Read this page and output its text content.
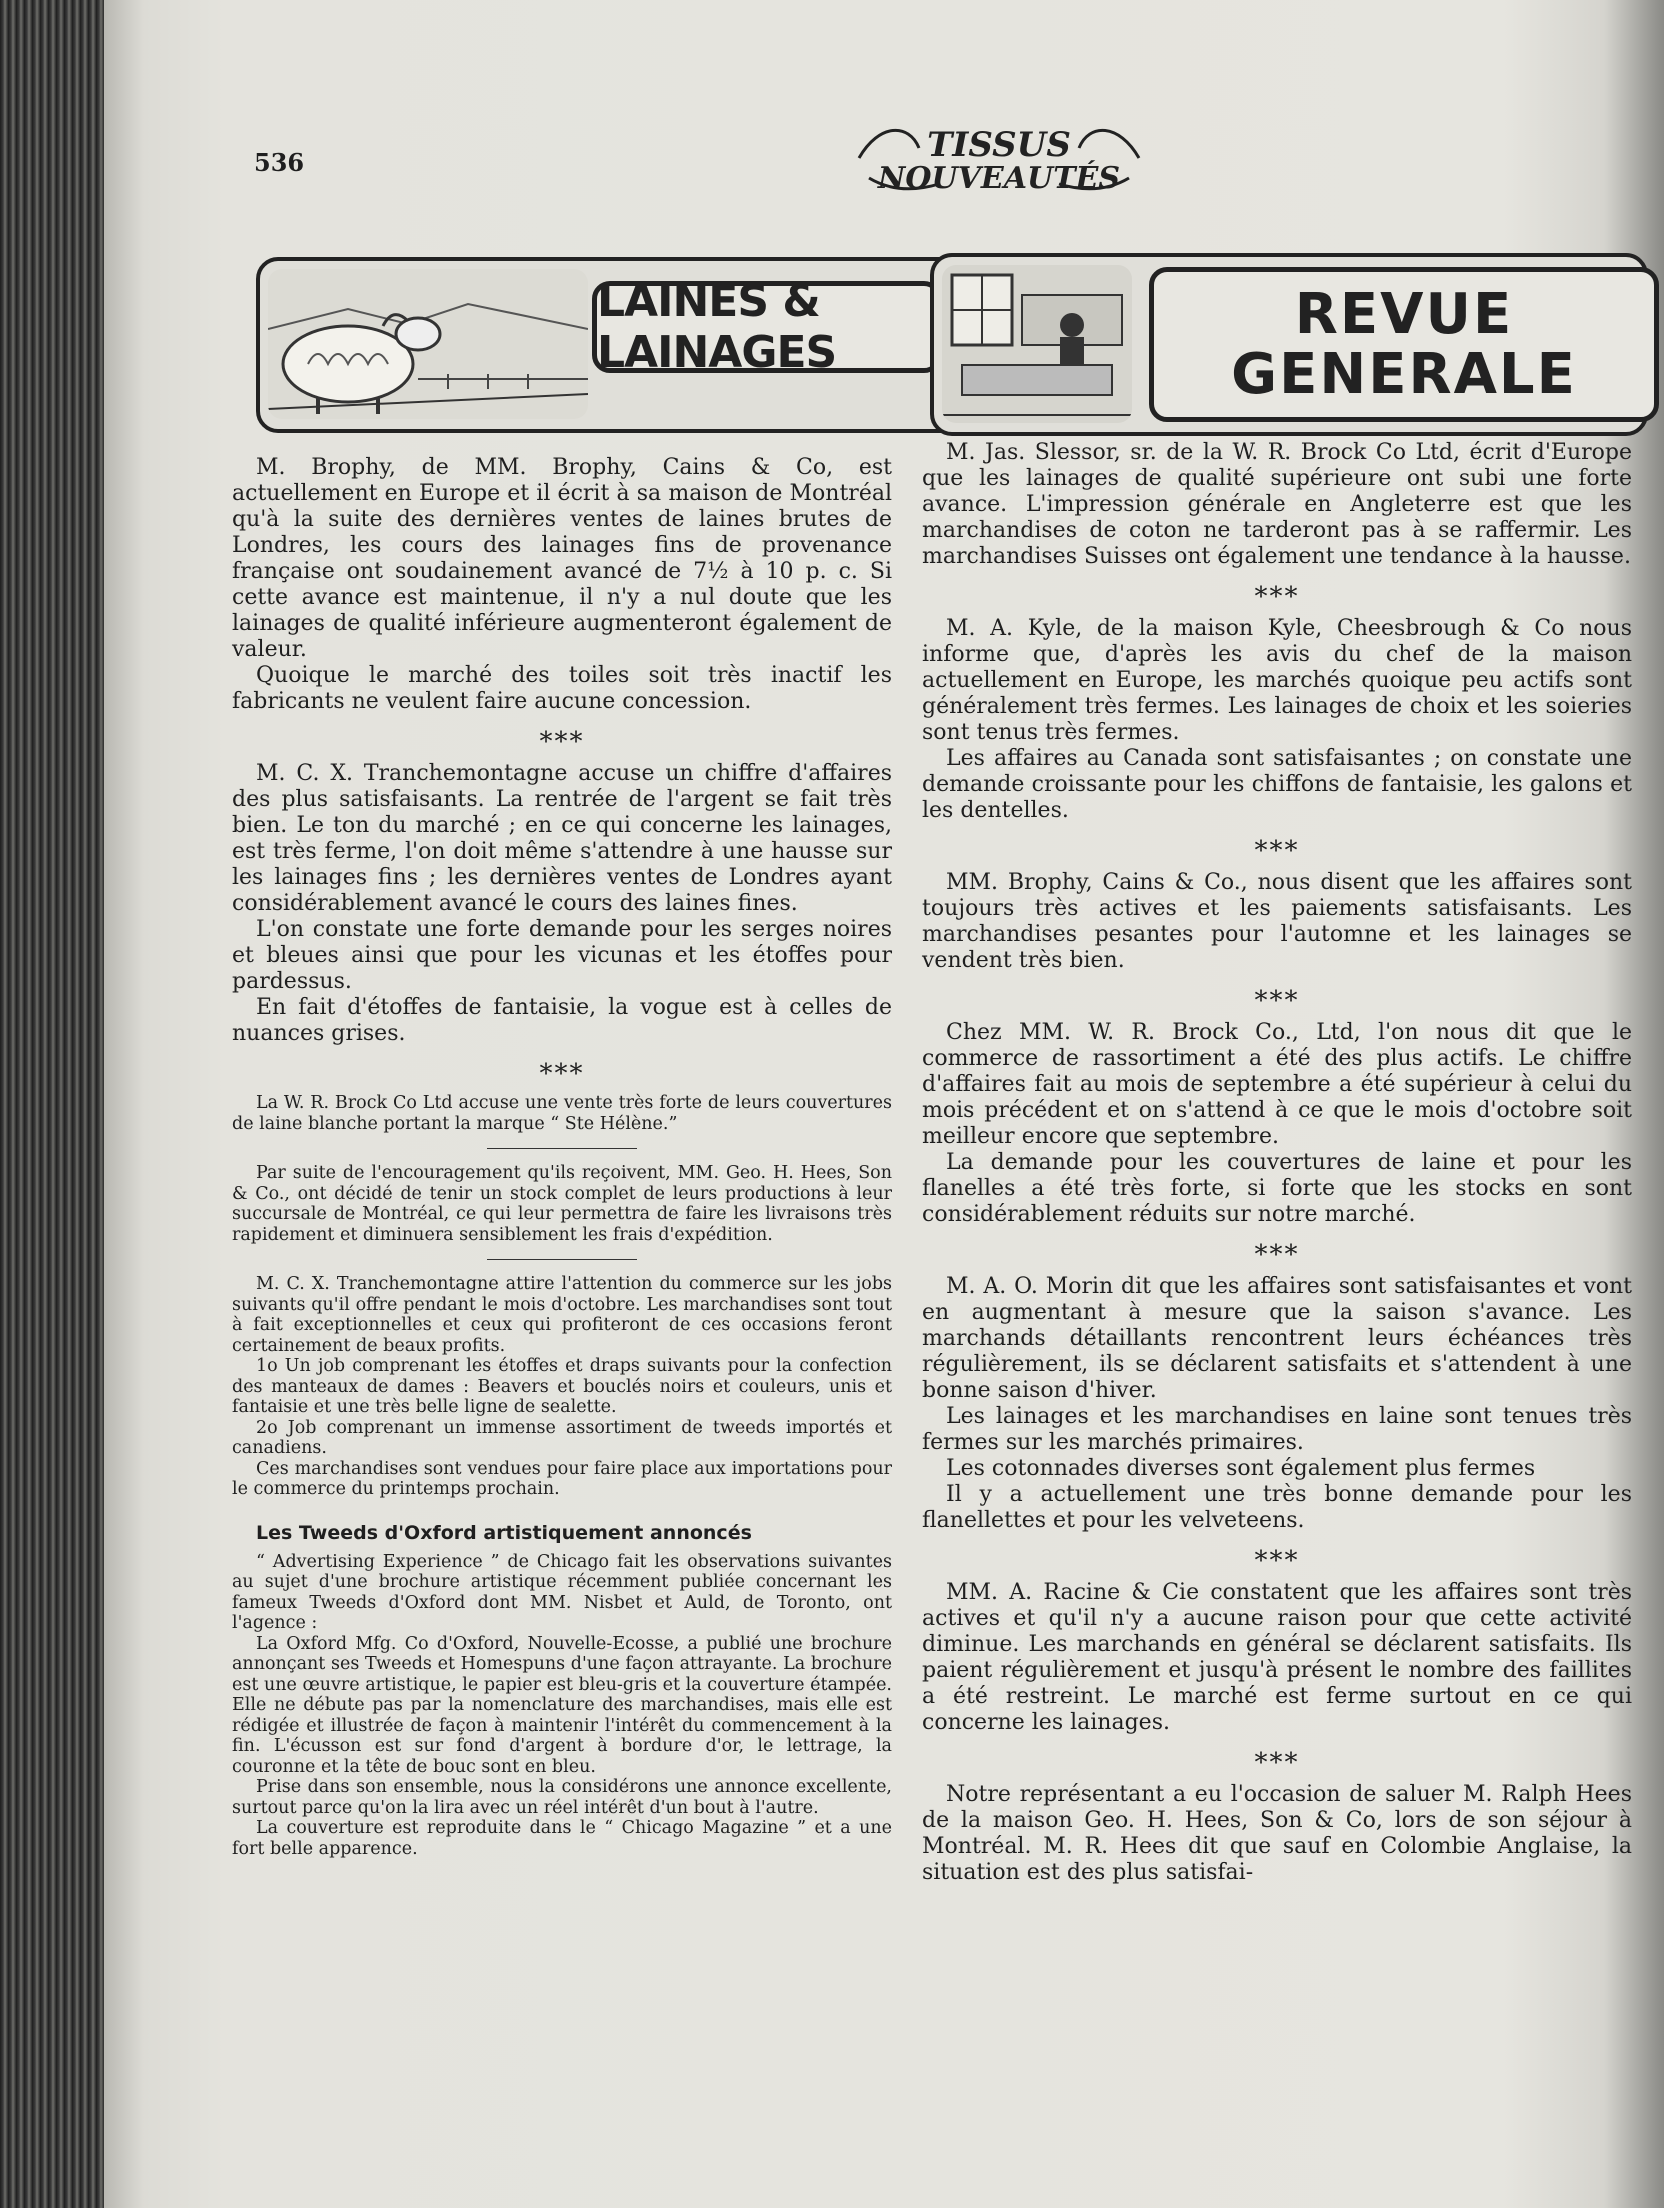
536	TISSUS
NOUVEAUTÉS
LAINES & LAINAGES
REVUE
GENERALE

M. Brophy, de MM. Brophy, Cains & Co, est actuellement en Europe et il écrit à sa maison de Montréal qu'à la suite des dernières ventes de laines brutes de Londres, les cours des lainages fins de provenance française ont soudainement avancé de 7½ à 10 p. c. Si cette avance est maintenue, il n'y a nul doute que les lainages de qualité inférieure augmenteront également de valeur.

Quoique le marché des toiles soit très inactif les fabricants ne veulent faire aucune concession.

*⁢*⁢*

M. C. X. Tranchemontagne accuse un chiffre d'affaires des plus satisfaisants. La rentrée de l'argent se fait très bien. Le ton du marché ; en ce qui concerne les lainages, est très ferme, l'on doit même s'attendre à une hausse sur les lainages fins ; les dernières ventes de Londres ayant considérablement avancé le cours des laines fines.

L'on constate une forte demande pour les serges noires et bleues ainsi que pour les vicunas et les étoffes pour pardessus.

En fait d'étoffes de fantaisie, la vogue est à celles de nuances grises.

*⁢*⁢*

La W. R. Brock Co Ltd accuse une vente très forte de leurs couvertures de laine blanche portant la marque “ Ste Hélène.”

Par suite de l'encouragement qu'ils reçoivent, MM. Geo. H. Hees, Son & Co., ont décidé de tenir un stock complet de leurs productions à leur succursale de Montréal, ce qui leur permettra de faire les livraisons très rapidement et diminuera sensiblement les frais d'expédition.

M. C. X. Tranchemontagne attire l'attention du commerce sur les jobs suivants qu'il offre pendant le mois d'octobre. Les marchandises sont tout à fait exceptionnelles et ceux qui profiteront de ces occasions feront certainement de beaux profits.

1o Un job comprenant les étoffes et draps suivants pour la confection des manteaux de dames : Beavers et bouclés noirs et couleurs, unis et fantaisie et une très belle ligne de sealette.

2o Job comprenant un immense assortiment de tweeds importés et canadiens.

Ces marchandises sont vendues pour faire place aux importations pour le commerce du printemps prochain.

Les Tweeds d'Oxford artistiquement annoncés

“ Advertising Experience ” de Chicago fait les observations suivantes au sujet d'une brochure artistique récemment publiée concernant les fameux Tweeds d'Oxford dont MM. Nisbet et Auld, de Toronto, ont l'agence :

La Oxford Mfg. Co d'Oxford, Nouvelle-Ecosse, a publié une brochure annonçant ses Tweeds et Homespuns d'une façon attrayante. La brochure est une œuvre artistique, le papier est bleu-gris et la couverture étampée. Elle ne débute pas par la nomenclature des marchandises, mais elle est rédigée et illustrée de façon à maintenir l'intérêt du commencement à la fin. L'écusson est sur fond d'argent à bordure d'or, le lettrage, la couronne et la tête de bouc sont en bleu.

Prise dans son ensemble, nous la considérons une annonce excellente, surtout parce qu'on la lira avec un réel intérêt d'un bout à l'autre.

La couverture est reproduite dans le “ Chicago Magazine ” et a une fort belle apparence.

M. Jas. Slessor, sr. de la W. R. Brock Co Ltd, écrit d'Europe que les lainages de qualité supérieure ont subi une forte avance. L'impression générale en Angleterre est que les marchandises de coton ne tarderont pas à se raffermir. Les marchandises Suisses ont également une tendance à la hausse.

*⁢*⁢*

M. A. Kyle, de la maison Kyle, Cheesbrough & Co nous informe que, d'après les avis du chef de la maison actuellement en Europe, les marchés quoique peu actifs sont généralement très fermes. Les lainages de choix et les soieries sont tenus très fermes.

Les affaires au Canada sont satisfaisantes ; on constate une demande croissante pour les chiffons de fantaisie, les galons et les dentelles.

*⁢*⁢*

MM. Brophy, Cains & Co., nous disent que les affaires sont toujours très actives et les paiements satisfaisants. Les marchandises pesantes pour l'automne et les lainages se vendent très bien.

*⁢*⁢*

Chez MM. W. R. Brock Co., Ltd, l'on nous dit que le commerce de rassortiment a été des plus actifs. Le chiffre d'affaires fait au mois de septembre a été supérieur à celui du mois précédent et on s'attend à ce que le mois d'octobre soit meilleur encore que septembre.

La demande pour les couvertures de laine et pour les flanelles a été très forte, si forte que les stocks en sont considérablement réduits sur notre marché.

*⁢*⁢*

M. A. O. Morin dit que les affaires sont satisfaisantes et vont en augmentant à mesure que la saison s'avance. Les marchands détaillants rencontrent leurs échéances très régulièrement, ils se déclarent satisfaits et s'attendent à une bonne saison d'hiver.

Les lainages et les marchandises en laine sont tenues très fermes sur les marchés primaires.

Les cotonnades diverses sont également plus fermes

Il y a actuellement une très bonne demande pour les flanellettes et pour les velveteens.

*⁢*⁢*

MM. A. Racine & Cie constatent que les affaires sont très actives et qu'il n'y a aucune raison pour que cette activité diminue. Les marchands en général se déclarent satisfaits. Ils paient régulièrement et jusqu'à présent le nombre des faillites a été restreint. Le marché est ferme surtout en ce qui concerne les lainages.

*⁢*⁢*

Notre représentant a eu l'occasion de saluer M. Ralph Hees de la maison Geo. H. Hees, Son & Co, lors de son séjour à Montréal. M. R. Hees dit que sauf en Colombie Anglaise, la situation est des plus satisfai-
